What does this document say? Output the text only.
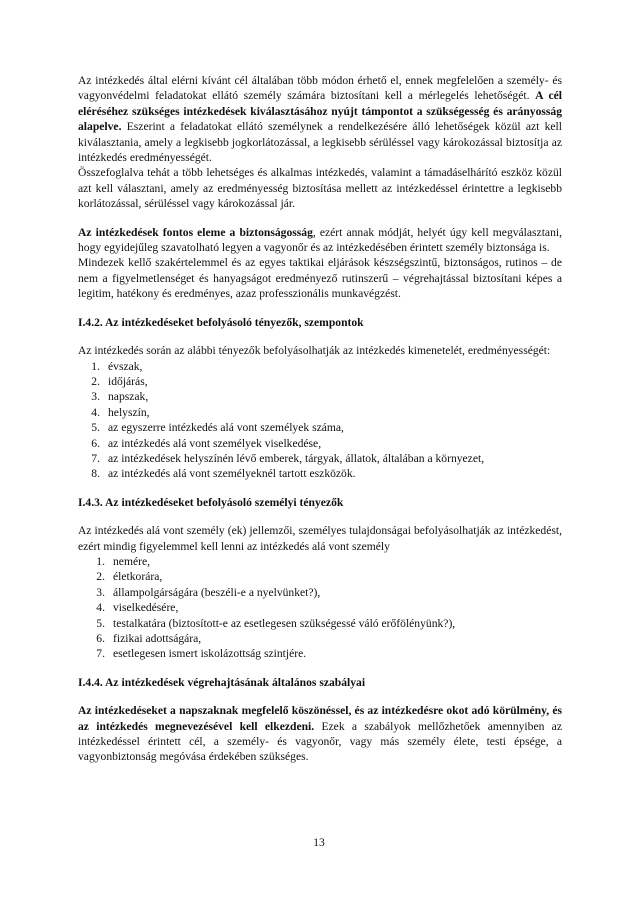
Az intézkedés által elérni kívánt cél általában több módon érhető el, ennek megfelelően a személy- és vagyonvédelmi feladatokat ellátó személy számára biztosítani kell a mérlegelés lehetőségét. A cél eléréséhez szükséges intézkedések kiválasztásához nyújt támpontot a szükségesség és arányosság alapelve. Eszerint a feladatokat ellátó személynek a rendelkezésére álló lehetőségek közül azt kell kiválasztania, amely a legkisebb jogkorlátozással, a legkisebb sérüléssel vagy károkozással biztosítja az intézkedés eredményességét.

Összefoglalva tehát a több lehetséges és alkalmas intézkedés, valamint a támadáselhárító eszköz közül azt kell választani, amely az eredményesség biztosítása mellett az intézkedéssel érintettre a legkisebb korlátozással, sérüléssel vagy károkozással jár.

Az intézkedések fontos eleme a biztonságosság, ezért annak módját, helyét úgy kell megválasztani, hogy egyidejűleg szavatolható legyen a vagyonőr és az intézkedésében érintett személy biztonsága is.

Mindezek kellő szakértelemmel és az egyes taktikai eljárások készségszintű, biztonságos, rutinos – de nem a figyelmetlenséget és hanyagságot eredményező rutinszerű – végrehajtással biztosítani képes a legitim, hatékony és eredményes, azaz professzionális munkavégzést.

I.4.2. Az intézkedéseket befolyásoló tényezők, szempontok

Az intézkedés során az alábbi tényezők befolyásolhatják az intézkedés kimenetelét, eredményességét:

1. évszak,
2. időjárás,
3. napszak,
4. helyszín,
5. az egyszerre intézkedés alá vont személyek száma,
6. az intézkedés alá vont személyek viselkedése,
7. az intézkedések helyszínén lévő emberek, tárgyak, állatok, általában a környezet,
8. az intézkedés alá vont személyeknél tartott eszközök.
I.4.3. Az intézkedéseket befolyásoló személyi tényezők

Az intézkedés alá vont személy (ek) jellemzői, személyes tulajdonságai befolyásolhatják az intézkedést, ezért mindig figyelemmel kell lenni az intézkedés alá vont személy

1. nemére,
2. életkorára,
3. állampolgárságára (beszéli-e a nyelvünket?),
4. viselkedésére,
5. testalkatára (biztosított-e az esetlegesen szükségessé váló erőfölényünk?),
6. fizikai adottságára,
7. esetlegesen ismert iskolázottság szintjére.
I.4.4. Az intézkedések végrehajtásának általános szabályai

Az intézkedéseket a napszaknak megfelelő köszönéssel, és az intézkedésre okot adó körülmény, és az intézkedés megnevezésével kell elkezdeni. Ezek a szabályok mellőzhetőek amennyiben az intézkedéssel érintett cél, a személy- és vagyonőr, vagy más személy élete, testi épsége, a vagyonbiztonság megóvása érdekében szükséges.

13
